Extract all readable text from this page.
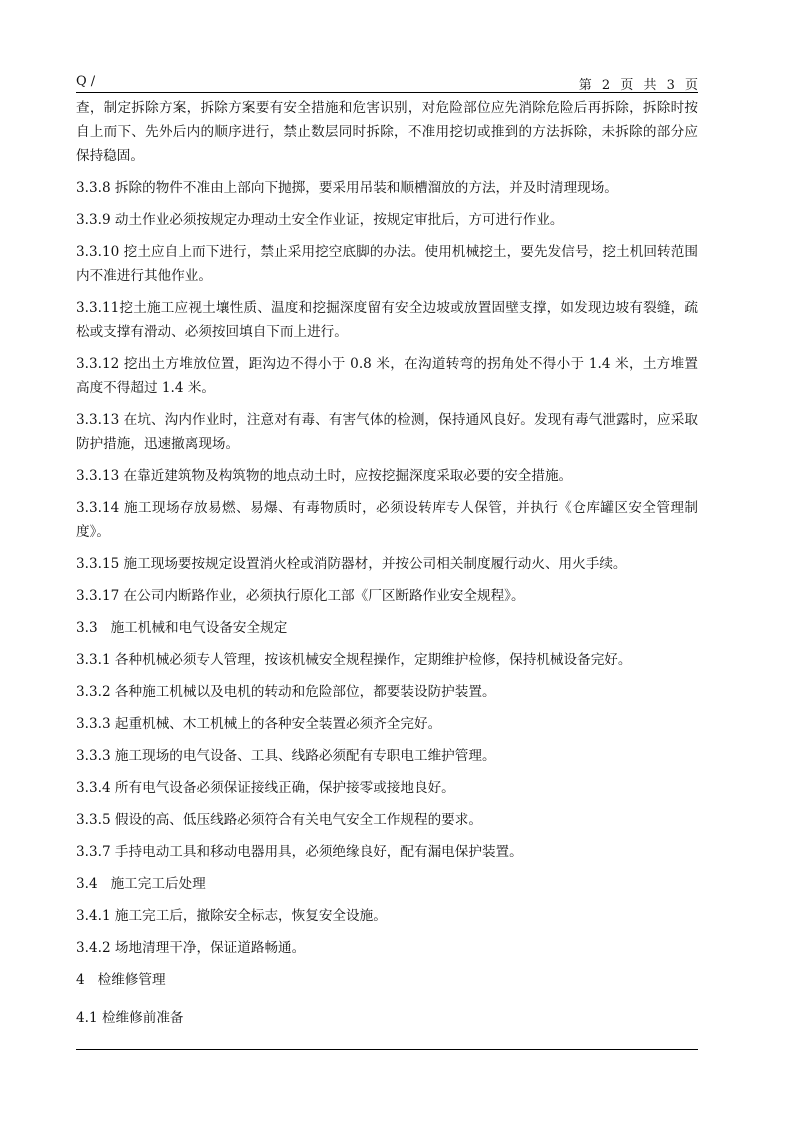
Q /	第 2 页 共 3 页

查，制定拆除方案，拆除方案要有安全措施和危害识别，对危险部位应先消除危险后再拆除，拆除时按自上而下、先外后内的顺序进行，禁止数层同时拆除，不准用挖切或推到的方法拆除，未拆除的部分应保持稳固。

3.3.8 拆除的物件不准由上部向下抛掷，要采用吊装和顺槽溜放的方法，并及时清理现场。

3.3.9 动土作业必须按规定办理动土安全作业证，按规定审批后，方可进行作业。

3.3.10 挖土应自上而下进行，禁止采用挖空底脚的办法。使用机械挖土，要先发信号，挖土机回转范围内不准进行其他作业。

3.3.11挖土施工应视土壤性质、温度和挖掘深度留有安全边坡或放置固壁支撑，如发现边坡有裂缝，疏松或支撑有滑动、必须按回填自下而上进行。

3.3.12 挖出土方堆放位置，距沟边不得小于 0.8 米，在沟道转弯的拐角处不得小于 1.4 米，土方堆置高度不得超过 1.4 米。

3.3.13 在坑、沟内作业时，注意对有毒、有害气体的检测，保持通风良好。发现有毒气泄露时，应采取防护措施，迅速撤离现场。

3.3.13 在靠近建筑物及构筑物的地点动土时，应按挖掘深度采取必要的安全措施。

3.3.14 施工现场存放易燃、易爆、有毒物质时，必须设转库专人保管，并执行《仓库罐区安全管理制度》。

3.3.15 施工现场要按规定设置消火栓或消防器材，并按公司相关制度履行动火、用火手续。

3.3.17 在公司内断路作业，必须执行原化工部《厂区断路作业安全规程》。

3.3   施工机械和电气设备安全规定

3.3.1 各种机械必须专人管理，按该机械安全规程操作，定期维护检修，保持机械设备完好。

3.3.2 各种施工机械以及电机的转动和危险部位，都要装设防护装置。

3.3.3 起重机械、木工机械上的各种安全装置必须齐全完好。

3.3.3 施工现场的电气设备、工具、线路必须配有专职电工维护管理。

3.3.4 所有电气设备必须保证接线正确，保护接零或接地良好。

3.3.5 假设的高、低压线路必须符合有关电气安全工作规程的要求。

3.3.7 手持电动工具和移动电器用具，必须绝缘良好，配有漏电保护装置。

3.4   施工完工后处理

3.4.1 施工完工后，撤除安全标志，恢复安全设施。

3.4.2 场地清理干净，保证道路畅通。

4   检维修管理

4.1 检维修前准备
